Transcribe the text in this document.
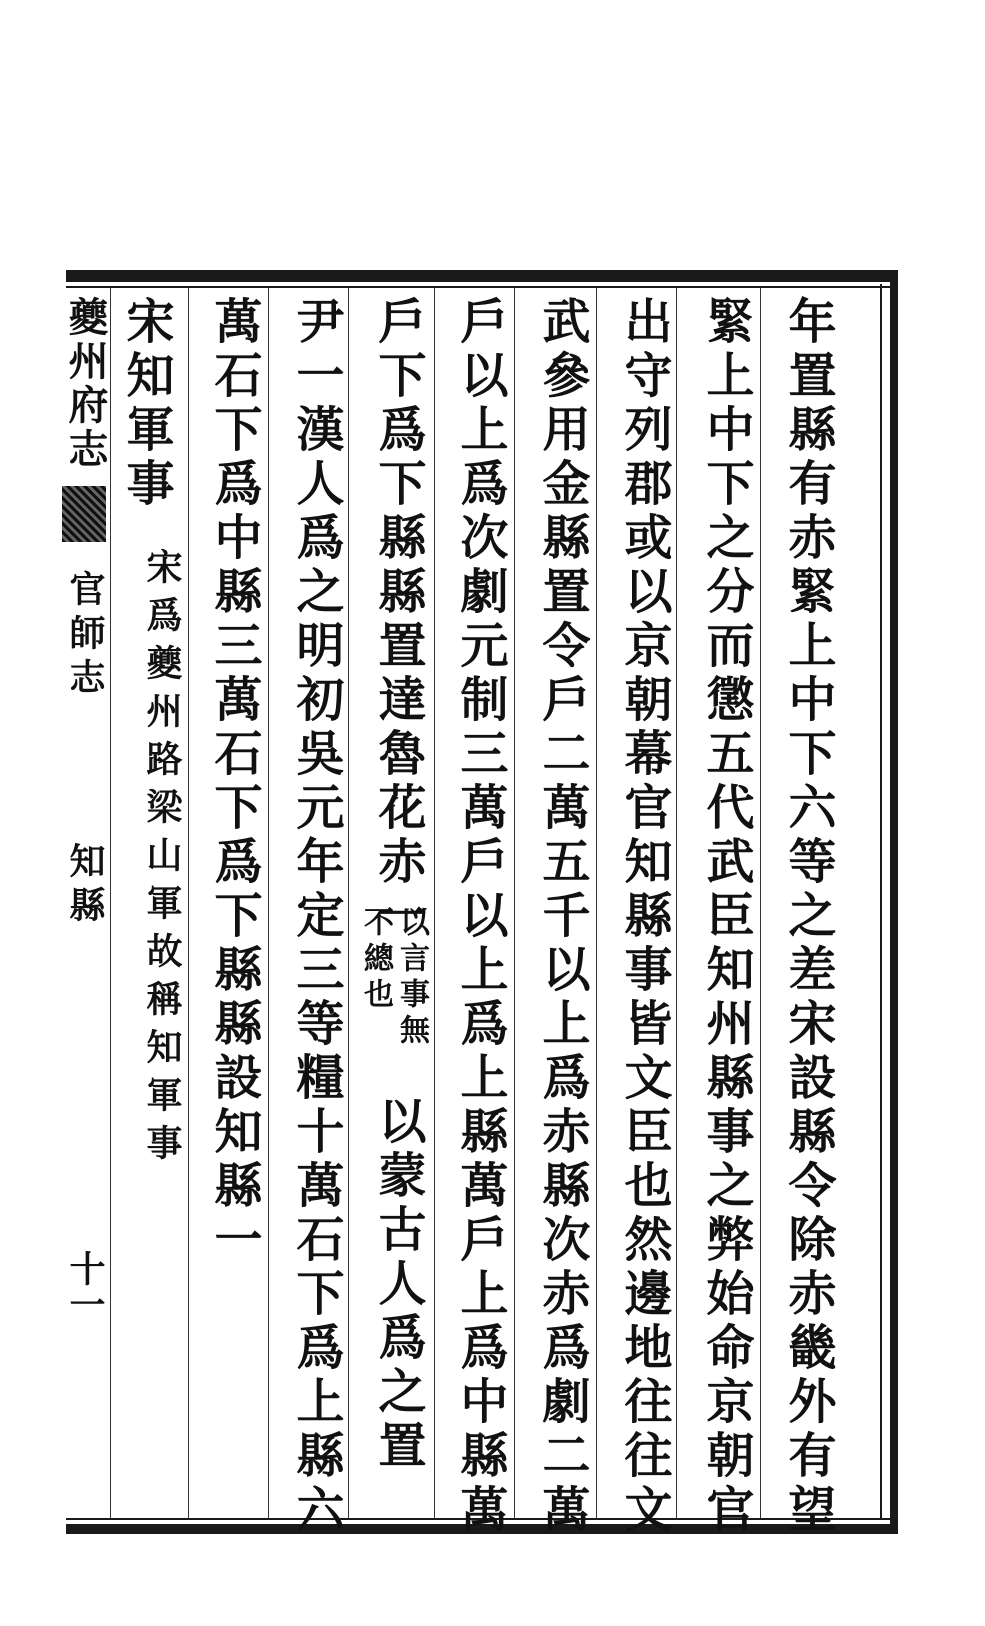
夔州府志
官師志  知縣
十一	年置縣有赤緊上中下六等之差宋設縣令除赤畿外有望
緊上中下之分而懲五代武臣知州縣事之弊始命京朝官
出守列郡或以京朝幕官知縣事皆文臣也然邊地往往文
武參用金縣置令戶二萬五千以上爲赤縣次赤爲劇二萬
戶以上爲次劇元制三萬戶以上爲上縣萬戶上爲中縣萬
戶下爲下縣縣置達魯花赤一
以言事無
不總也
以蒙古人爲之置
尹一漢人爲之明初吳元年定三等糧十萬石下爲上縣六
萬石下爲中縣三萬石下爲下縣縣設知縣一
宋知軍事
宋爲夔州路梁山軍故稱知軍事
